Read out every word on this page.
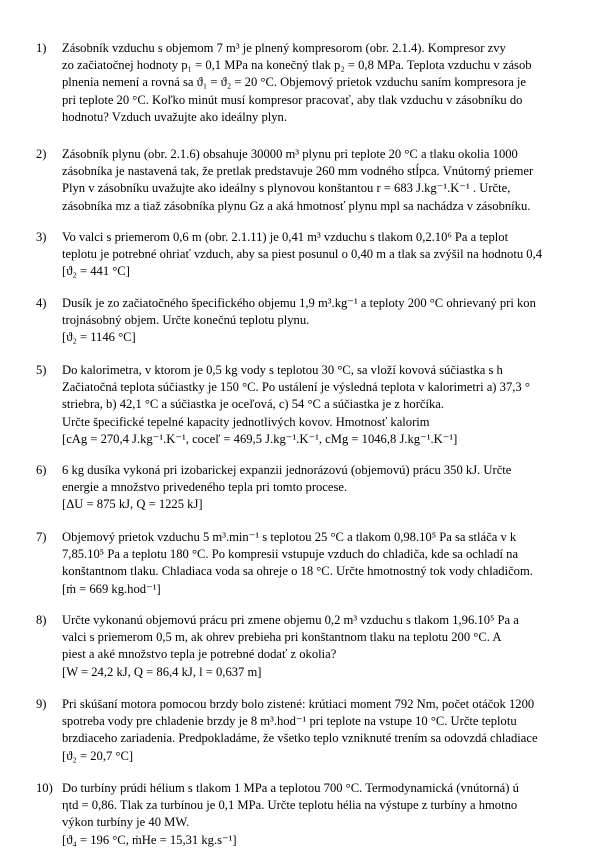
1) Zásobník vzduchu s objemom 7 m³ je plnený kompresorom (obr. 2.1.4). Kompresor zvy
zo začiatočnej hodnoty p₁ = 0,1 MPa na konečný tlak p₂ = 0,8 MPa. Teplota vzduchu v zásob
plnenia nemení a rovná sa ϑ₁ = ϑ₂ = 20 °C. Objemový prietok vzduchu saním kompresora je
pri teplote 20 °C. Koľko minút musí kompresor pracovať, aby tlak vzduchu v zásobníku do
hodnotu? Vzduch uvažujte ako ideálny plyn.
2) Zásobník plynu (obr. 2.1.6) obsahuje 30000 m³ plynu pri teplote 20 °C a tlaku okolia 1000
zásobníka je nastavená tak, že pretlak predstavuje 260 mm vodného stĺpca. Vnútorný priemer
Plyn v zásobníku uvažujte ako ideálny s plynovou konštantou r = 683 J.kg⁻¹.K⁻¹ . Určte,
zásobníka mz a tiaž zásobníka plynu Gz a aká hmotnosť plynu mpl sa nachádza v zásobníku.
3) Vo valci s priemerom 0,6 m (obr. 2.1.11) je 0,41 m³ vzduchu s tlakom 0,2.10⁶ Pa a teplot
teplotu je potrebné ohriať vzduch, aby sa piest posunul o 0,40 m a tlak sa zvýšil na hodnotu 0,4
[ϑ₂ = 441 °C]
4) Dusík je zo začiatočného špecifického objemu 1,9 m³.kg⁻¹ a teploty 200 °C ohrievaný pri kon
trojnásobný objem. Určte konečnú teplotu plynu.
[ϑ₂ = 1146 °C]
5) Do kalorimetra, v ktorom je 0,5 kg vody s teplotou 30 °C, sa vloží kovová súčiastka s h
Začiatočná teplota súčiastky je 150 °C. Po ustálení je výsledná teplota v kalorimetri a) 37,3 °
striebra, b) 42,1 °C a súčiastka je oceľová, c) 54 °C a súčiastka je z horčíka.
Určte špecifické tepelné kapacity jednotlivých kovov. Hmotnosť kalorim
[cAg = 270,4 J.kg⁻¹.K⁻¹, coceľ = 469,5 J.kg⁻¹.K⁻¹, cMg = 1046,8 J.kg⁻¹.K⁻¹]
6) 6 kg dusíka vykoná pri izobarickej expanzii jednorázovú (objemovú) prácu 350 kJ. Určte
energie a množstvo privedeného tepla pri tomto procese.
[ΔU = 875 kJ, Q = 1225 kJ]
7) Objemový prietok vzduchu 5 m³.min⁻¹ s teplotou 25 °C a tlakom 0,98.10⁵ Pa sa stláča v k
7,85.10⁵ Pa a teplotu 180 °C. Po kompresii vstupuje vzduch do chladiča, kde sa ochladí na
konštantnom tlaku. Chladiaca voda sa ohreje o 18 °C. Určte hmotnostný tok vody chladičom.
[ṁ = 669 kg.hod⁻¹]
8) Určte vykonanú objemovú prácu pri zmene objemu 0,2 m³ vzduchu s tlakom 1,96.10⁵ Pa a
valci s priemerom 0,5 m, ak ohrev prebieha pri konštantnom tlaku na teplotu 200 °C. A
piest a aké množstvo tepla je potrebné dodať z okolia?
[W = 24,2 kJ, Q = 86,4 kJ, l = 0,637 m]
9) Pri skúšaní motora pomocou brzdy bolo zistené: krútiaci moment 792 Nm, počet otáčok 1200
spotreba vody pre chladenie brzdy je 8 m³.hod⁻¹ pri teplote na vstupe 10 °C. Určte teplotu
brzdiaceho zariadenia. Predpokladáme, že všetko teplo vzniknuté trením sa odovzdá chladiace
[ϑ₂ = 20,7 °C]
10) Do turbíny prúdi hélium s tlakom 1 MPa a teplotou 700 °C. Termodynamická (vnútorná) ú
ηtd = 0,86. Tlak za turbínou je 0,1 MPa. Určte teplotu hélia na výstupe z turbíny a hmotno
výkon turbíny je 40 MW.
[ϑ₄ = 196 °C, ṁHe = 15,31 kg.s⁻¹]
